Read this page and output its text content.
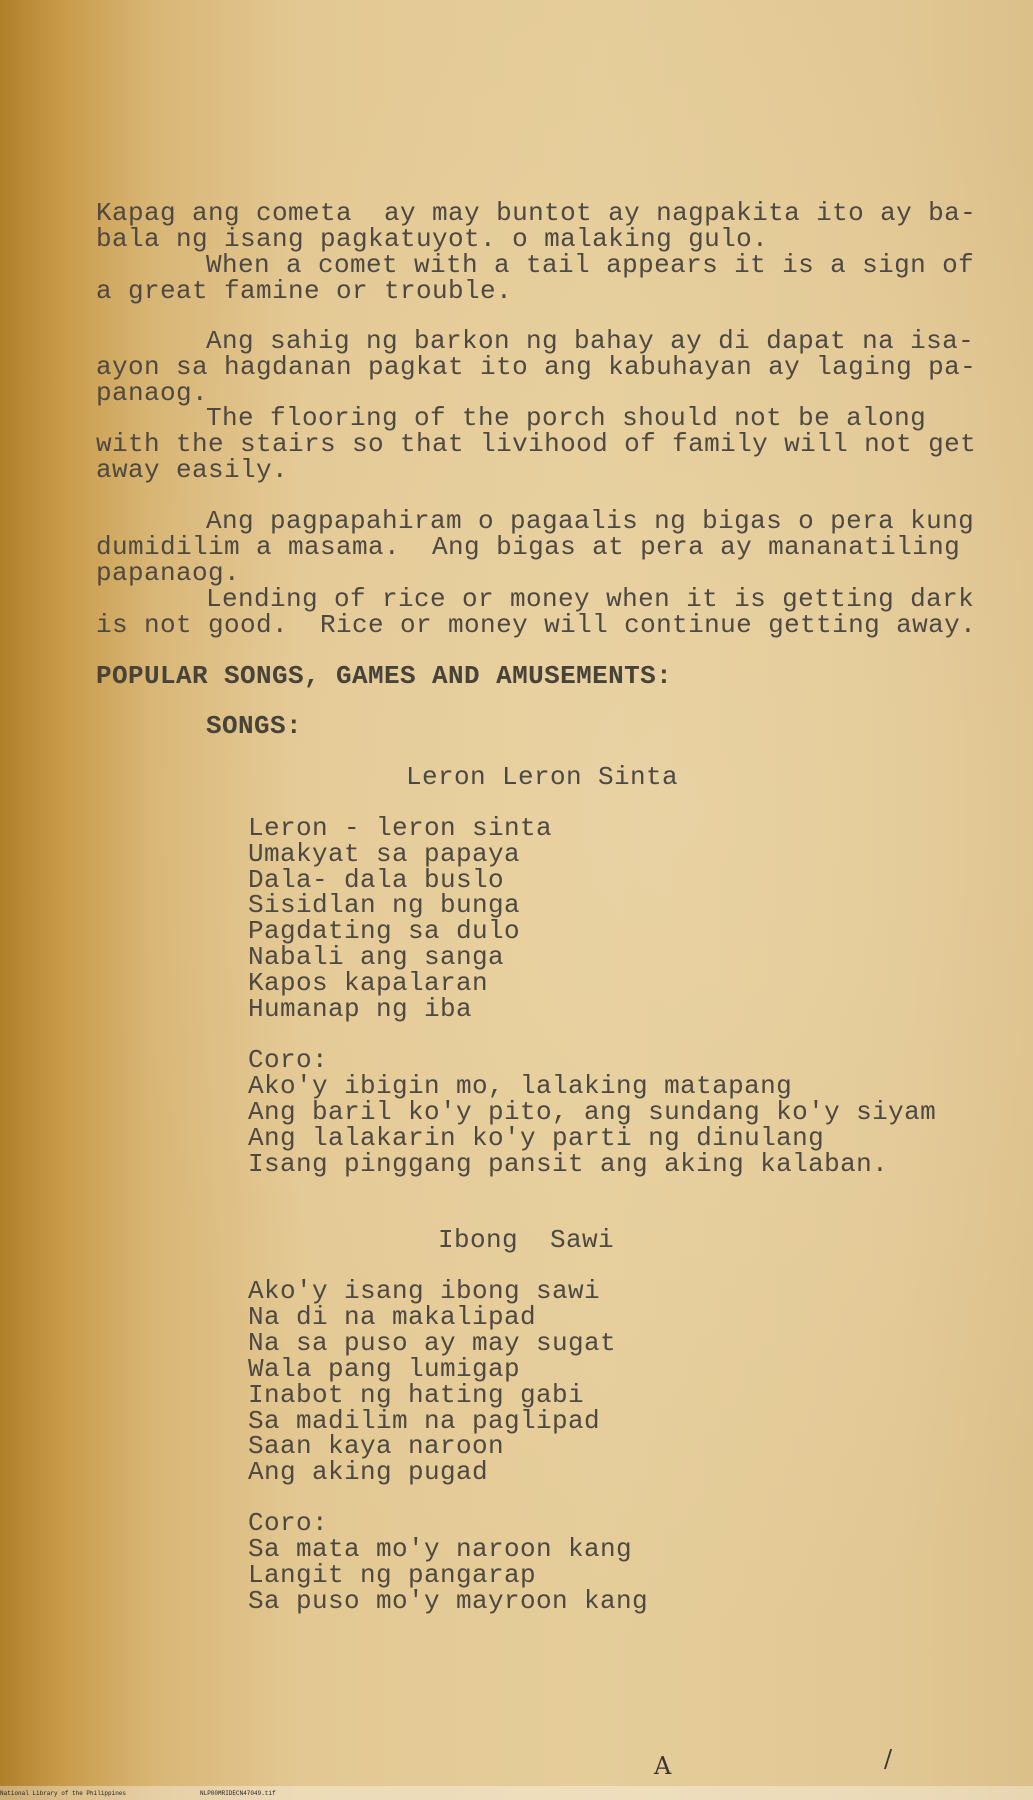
Kapag ang cometa  ay may buntot ay nagpakita ito ay ba-
bala ng isang pagkatuyot. o malaking gulo.
When a comet with a tail appears it is a sign of
a great famine or trouble.
Ang sahig ng barkon ng bahay ay di dapat na isa-
ayon sa hagdanan pagkat ito ang kabuhayan ay laging pa-
panaog.
The flooring of the porch should not be along
with the stairs so that livihood of family will not get
away easily.
Ang pagpapahiram o pagaalis ng bigas o pera kung
dumidilim a masama.  Ang bigas at pera ay mananatiling
papanaog.
Lending of rice or money when it is getting dark
is not good.  Rice or money will continue getting away.
POPULAR SONGS, GAMES AND AMUSEMENTS:
SONGS:
Leron Leron Sinta
Leron - leron sinta
Umakyat sa papaya
Dala- dala buslo
Sisidlan ng bunga
Pagdating sa dulo
Nabali ang sanga
Kapos kapalaran
Humanap ng iba
Coro:
Ako'y ibigin mo, lalaking matapang
Ang baril ko'y pito, ang sundang ko'y siyam
Ang lalakarin ko'y parti ng dinulang
Isang pinggang pansit ang aking kalaban.
Ibong  Sawi
Ako'y isang ibong sawi
Na di na makalipad
Na sa puso ay may sugat
Wala pang lumigap
Inabot ng hating gabi
Sa madilim na paglipad
Saan kaya naroon
Ang aking pugad
Coro:
Sa mata mo'y naroon kang
Langit ng pangarap
Sa puso mo'y mayroon kang
A	/
National Library of the Philippines	NLP00MRIDECN47049.tif
